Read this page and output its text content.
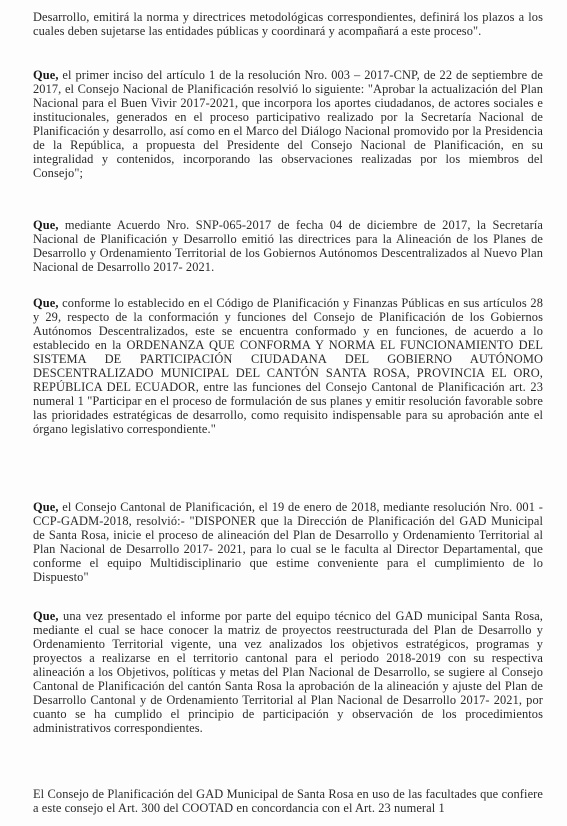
Desarrollo, emitirá la norma y directrices metodológicas correspondientes, definirá los plazos a los cuales deben sujetarse las entidades públicas y coordinará y acompañará a este proceso".

Que, el primer inciso del artículo 1 de la resolución Nro. 003 – 2017-CNP, de 22 de septiembre de 2017, el Consejo Nacional de Planificación resolvió lo siguiente: "Aprobar la actualización del Plan Nacional para el Buen Vivir 2017-2021, que incorpora los aportes ciudadanos, de actores sociales e institucionales, generados en el proceso participativo realizado por la Secretaría Nacional de Planificación y desarrollo, así como en el Marco del Diálogo Nacional promovido por la Presidencia de la República, a propuesta del Presidente del Consejo Nacional de Planificación, en su integralidad y contenidos, incorporando las observaciones realizadas por los miembros del Consejo";

Que, mediante Acuerdo Nro. SNP-065-2017 de fecha 04 de diciembre de 2017, la Secretaría Nacional de Planificación y Desarrollo emitió las directrices para la Alineación de los Planes de Desarrollo y Ordenamiento Territorial de los Gobiernos Autónomos Descentralizados al Nuevo Plan Nacional de Desarrollo 2017- 2021.

Que, conforme lo establecido en el Código de Planificación y Finanzas Públicas en sus artículos 28 y 29, respecto de la conformación y funciones del Consejo de Planificación de los Gobiernos Autónomos Descentralizados, este se encuentra conformado y en funciones, de acuerdo a lo establecido en la ORDENANZA QUE CONFORMA Y NORMA EL FUNCIONAMIENTO DEL SISTEMA DE PARTICIPACIÓN CIUDADANA DEL GOBIERNO AUTÓNOMO DESCENTRALIZADO MUNICIPAL DEL CANTÓN SANTA ROSA, PROVINCIA EL ORO, REPÚBLICA DEL ECUADOR, entre las funciones del Consejo Cantonal de Planificación art. 23 numeral 1 "Participar en el proceso de formulación de sus planes y emitir resolución favorable sobre las prioridades estratégicas de desarrollo, como requisito indispensable para su aprobación ante el órgano legislativo correspondiente."

Que, el Consejo Cantonal de Planificación, el 19 de enero de 2018, mediante resolución Nro. 001 - CCP-GADM-2018, resolvió:- "DISPONER que la Dirección de Planificación del GAD Municipal de Santa Rosa, inicie el proceso de alineación del Plan de Desarrollo y Ordenamiento Territorial al Plan Nacional de Desarrollo 2017- 2021, para lo cual se le faculta al Director Departamental, que conforme el equipo Multidisciplinario que estime conveniente para el cumplimiento de lo Dispuesto"

Que, una vez presentado el informe por parte del equipo técnico del GAD municipal Santa Rosa, mediante el cual se hace conocer la matriz de proyectos reestructurada del Plan de Desarrollo y Ordenamiento Territorial vigente, una vez analizados los objetivos estratégicos, programas y proyectos a realizarse en el territorio cantonal para el periodo 2018-2019 con su respectiva alineación a los Objetivos, políticas y metas del Plan Nacional de Desarrollo, se sugiere al Consejo Cantonal de Planificación del cantón Santa Rosa la aprobación de la alineación y ajuste del Plan de Desarrollo Cantonal y de Ordenamiento Territorial al Plan Nacional de Desarrollo 2017- 2021, por cuanto se ha cumplido el principio de participación y observación de los procedimientos administrativos correspondientes.

El Consejo de Planificación del GAD Municipal de Santa Rosa en uso de las facultades que confiere a este consejo el Art. 300 del COOTAD en concordancia con el Art. 23 numeral 1
